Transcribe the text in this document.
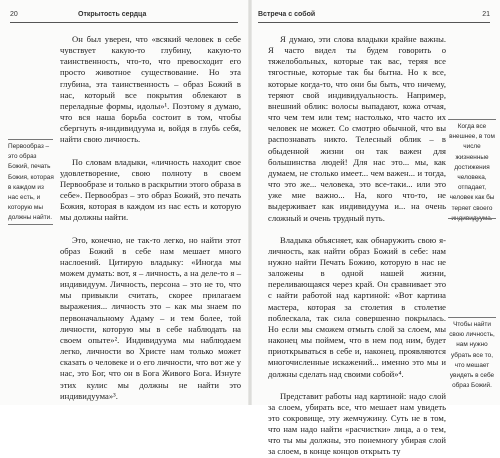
20	Открытость сердца

Он был уверен, что «всякий человек в себе чувствует какую-то глубину, какую-то таинственность, что-то, что превосходит его просто животное существование. Но эта глубина, эта таинственность – образ Божий в нас, который все покрытия облекают в переладные формы, идолы»¹. Поэтому я думаю, что вся наша борьба состоит в том, чтобы сбергнуть я-индивидуума и, войдя в глубь себя, найти свою личность.

По словам владыки, «личность находит свое удовлетворение, свою полноту в своем Первообразе и только в раскрытии этого образа в себе». Первообраз – это образ Божий, это печать Божия, которая в каждом из нас есть и которую мы должны найти.

Это, конечно, не так-то легко, но найти этот образ Божий в себе нам мешает много наслоений. Цитирую владыку: «Иногда мы можем думать: вот, я – личность, а на деле-то я – индивидуум. Личность, персона – это не то, что мы привыкли считать, скорее прилагаем выражения... личность это – как мы знаем по первоначальному Адаму – и тем более, той личности, которую мы в себе наблюдать на своем опыте»². Индивидуума мы наблюдаем легко, личности во Христе нам только может сказать о человеке и о его личности, что вот же у нас, это Бог, что он в Бога Живого Бога. Изнуте этих кулис мы должны не найти это индивидуума»³.

Первообраз – это образ Божий, печать Божия, которая в каждом из нас есть, и которую мы должны найти.
Встреча с собой	21

Я думаю, эти слова владыки крайне важны. Я часто видел ты будем говорить о тяжелобольных, которые так вас, теряя все тягостные, которые так бы бытна. Но к все, которые когда-то, что они бы быть, что ничему, теряют свой индивидуальность. Например, внешний облик: волосы выпадают, кожа отчая, что чем тем или тем; настолько, что часто их человек не может. Со смотрю обычной, что вы распознавать никто. Телесный облик – в обыденной жизни он так важен для большинства людей! Для нас это... мы, как думаем, не столько имеет... чем важен... и тогда, что это же... человека, это все-таки... или это уже мне важно... На, кого что-то, не выдерживает как индивидуума и... на очень сложный и очень трудный путь.

Владыка объясняет, как обнаружить свою я-личность, как найти образ Божий в себе: нам нужно найти Печать Божию, которую в нас не заложены в одной нашей жизни, переливающаяся через край. Он сравнивает это с найти работой над картиной: «Вот картина мастера, которая за столетия в столетие поблескала, так сила совершенно покрылась. Но если мы сможем отмыть слой за слоем, мы наконец мы поймем, что в нем под ним, будет приоткрываться в себе и, наконец, проявляются многочисленные искажений... именно это мы и должны сделать над своими собой»⁴.

Представит работы над картиной: надо слой за слоем, убирать все, что мешает нам увидеть это сокровище, эту жемчужину. Суть не в том, что нам надо найти «расчистки» лица, а о тем, что ты мы должны, это понемногу убирая слой за слоем, в конце концов открыть ту

Когда все внешнее, в том числе жизненные достижения человека, отпадает, человек как бы теряет своего индивидуума.
Чтобы найти свою личность, нам нужно убрать все то, что мешает увидеть в себе образ Божий.
